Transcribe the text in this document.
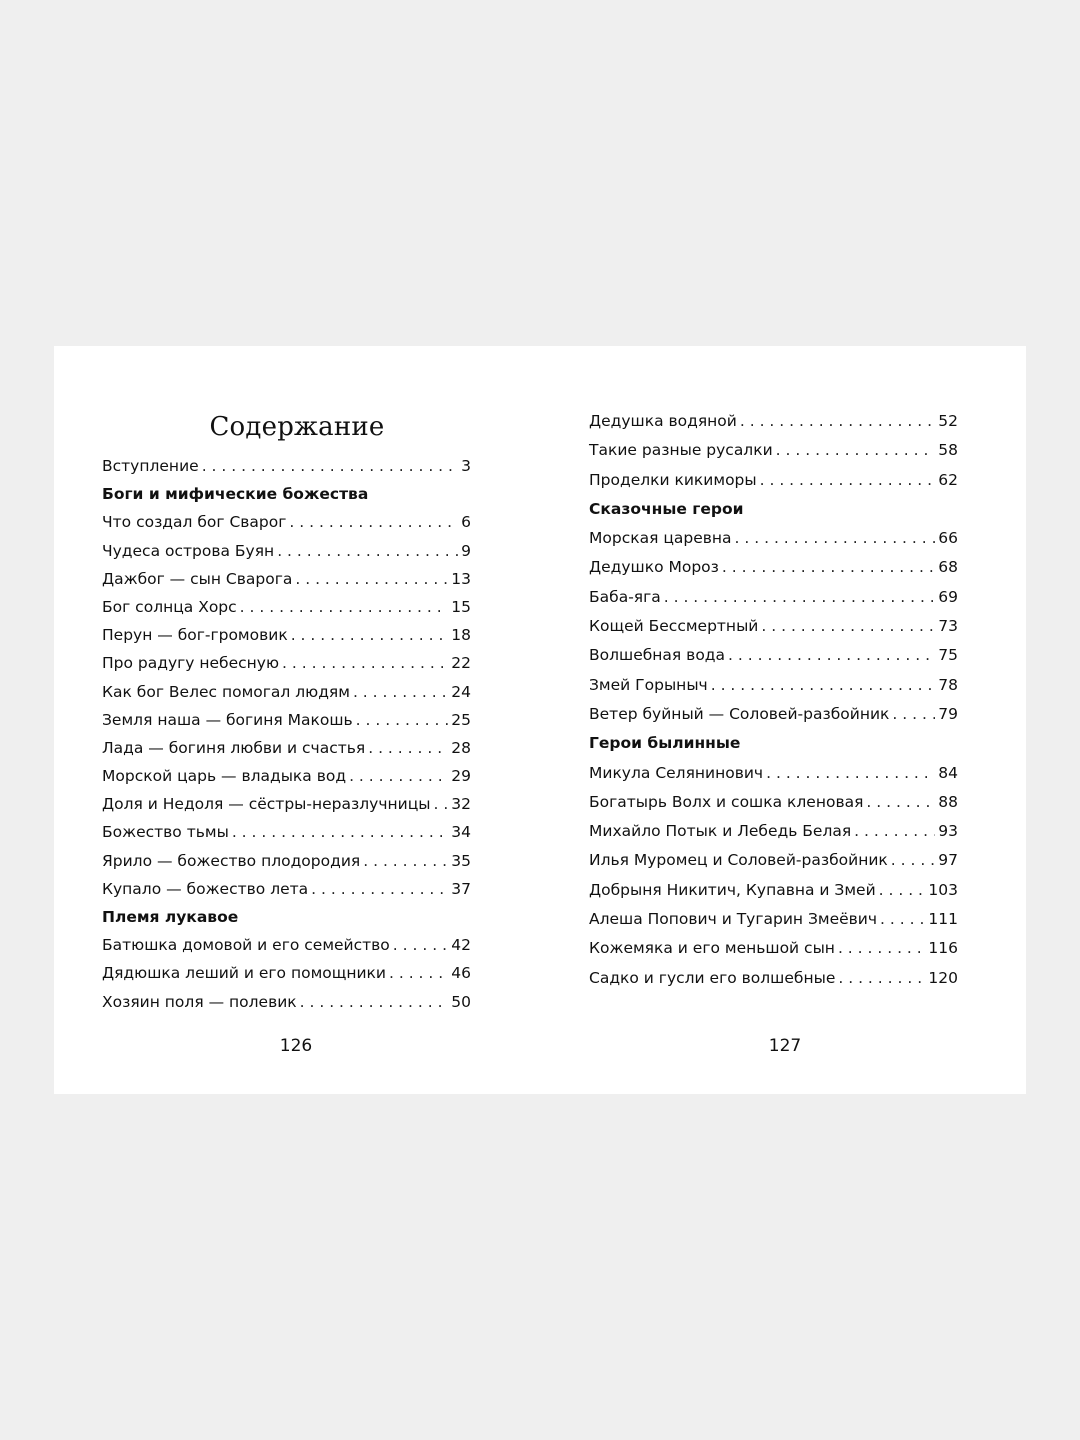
Содержание
Вступление . . .	3
Боги и мифические божества
Что создал бог Сварог . . .	6
Чудеса острова Буян . . .	9
Дажбог — сын Сварога . . .	13
Бог солнца Хорс . . .	15
Перун — бог-громовик . . .	18
Про радугу небесную . . .	22
Как бог Велес помогал людям . . .	24
Земля наша — богиня Макошь . . .	25
Лада — богиня любви и счастья . . .	28
Морской царь — владыка вод . . .	29
Доля и Недоля — сёстры-неразлучницы . . . 32
Божество тьмы . . .	34
Ярило — божество плодородия . . .	35
Купало — божество лета . . .	37
Племя лукавое
Батюшка домовой и его семейство . . .	42
Дядюшка леший и его помощники . . .	46
Хозяин поля — полевик . . .	50
126
Дедушка водяной . . .	52
Такие разные русалки . . .	58
Проделки кикиморы . . .	62
Сказочные герои
Морская царевна . . .	66
Дедушко Мороз . . .	68
Баба-яга . . .	69
Кощей Бессмертный . . .	73
Волшебная вода . . .	75
Змей Горыныч . . .	78
Ветер буйный — Соловей-разбойник . . .	79
Герои былинные
Микула Селянинович . . .	84
Богатырь Волх и сошка кленовая . . .	88
Михайло Потык и Лебедь Белая . . .	93
Илья Муромец и Соловей-разбойник . . .	97
Добрыня Никитич, Купавна и Змей . . .	103
Алеша Попович и Тугарин Змеёвич . . .	111
Кожемяка и его меньшой сын . . .	116
Садко и гусли его волшебные . . .	120
127
